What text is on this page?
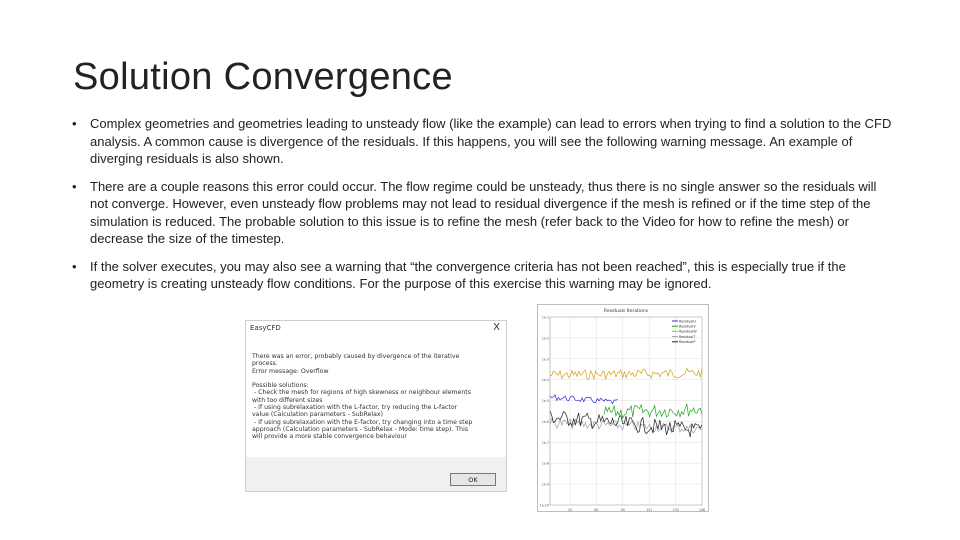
Solution Convergence
• Complex geometries and geometries leading to unsteady flow (like the example) can lead to errors when trying to find a solution to the CFD analysis. A common cause is divergence of the residuals. If this happens, you will see the following warning message. An example of diverging residuals is also shown.
• There are a couple reasons this error could occur. The flow regime could be unsteady, thus there is no single answer so the residuals will not converge. However, even unsteady flow problems may not lead to residual divergence if the mesh is refined or if the time step of the simulation is reduced. The probable solution to this issue is to refine the mesh (refer back to the Video for how to refine the mesh) or decrease the size of the timestep.
• If the solver executes, you may also see a warning that “the convergence criteria has not been reached”, this is especially true if the geometry is creating unsteady flow conditions. For the purpose of this exercise this warning may be ignored.
EasyCFD	X
There was an error, probably caused by divergence of the iterative
process.
Error message: Overflow

Possible solutions:
- Check the mesh for regions of high skewness or neighbour elements
with too different sizes
- If using subrelaxation with the L-factor, try reducing the L-factor
value (Calculation parameters - SubRelax)
- If using subrelaxation with the E-factor, try changing into a time step
approach (Calculation parameters - SubRelax - Mode: time step). This
will provide a more stable convergence behaviour
OK
Residuals Iterations
1e-1
1e-2
1e-3
1e-4
1e-5
1e-6
1e-7
1e-8
1e-9
1e-10
43	60	90	121	130	148
ResidualU
ResidualV
ResidualW
ResidualT
ResidualP
